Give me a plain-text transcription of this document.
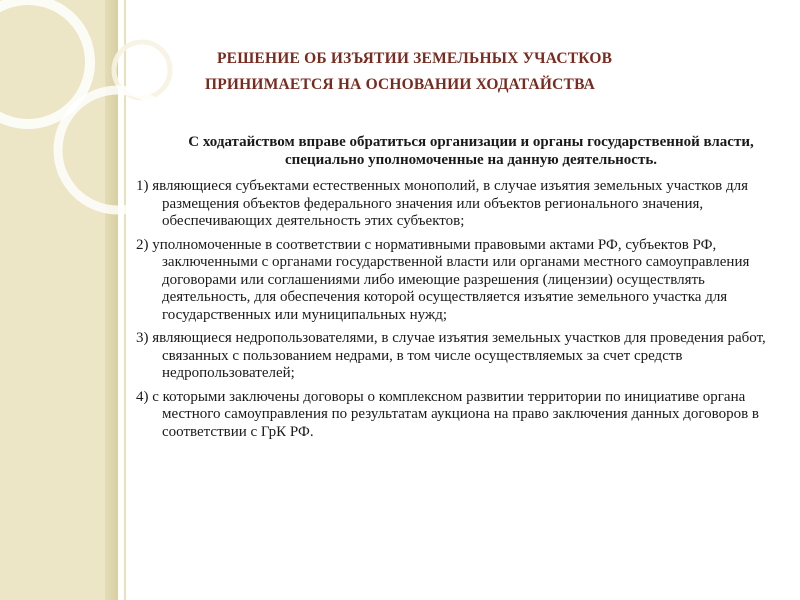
РЕШЕНИЕ ОБ ИЗЪЯТИИ ЗЕМЕЛЬНЫХ УЧАСТКОВ
ПРИНИМАЕТСЯ НА ОСНОВАНИИ ХОДАТАЙСТВА

С ходатайством вправе обратиться организации и органы государственной власти, специально уполномоченные на данную деятельность.

1) являющиеся субъектами естественных монополий, в случае изъятия земельных участков для размещения объектов федерального значения или объектов регионального значения, обеспечивающих деятельность этих субъектов;

2) уполномоченные в соответствии с нормативными правовыми актами РФ, субъектов РФ, заключенными с органами государственной власти или органами местного самоуправления договорами или соглашениями либо имеющие разрешения (лицензии) осуществлять деятельность, для обеспечения которой осуществляется изъятие земельного участка для государственных или муниципальных нужд;

3) являющиеся недропользователями, в случае изъятия земельных участков для проведения работ, связанных с пользованием недрами, в том числе осуществляемых за счет средств недропользователей;

4) с которыми заключены договоры о комплексном развитии территории по инициативе органа местного самоуправления по результатам аукциона на право заключения данных договоров в соответствии с ГрК РФ.
